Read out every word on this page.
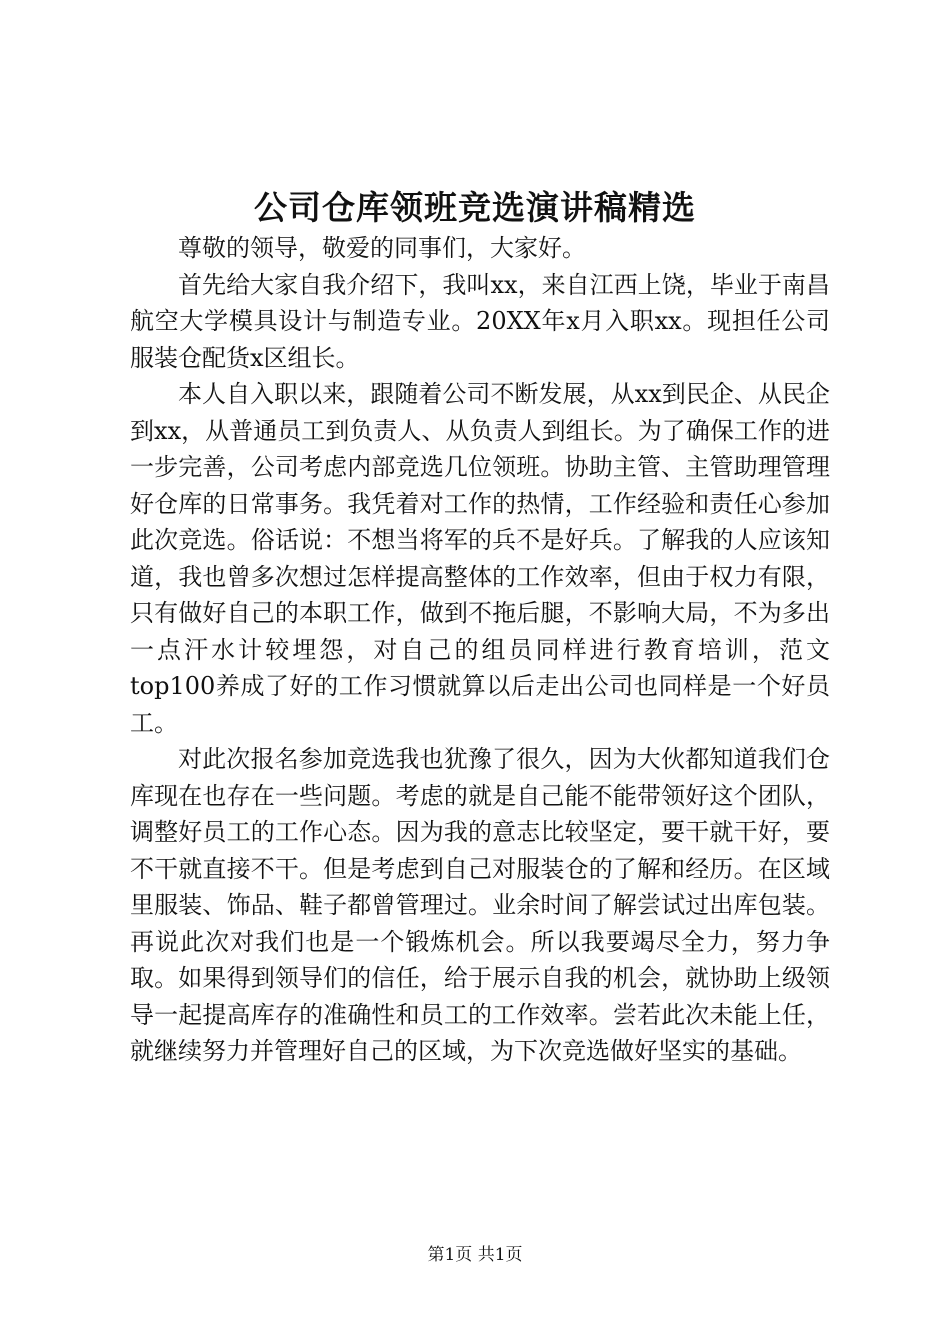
公司仓库领班竞选演讲稿精选

尊敬的领导，敬爱的同事们，大家好。

首先给大家自我介绍下，我叫xx，来自江西上饶，毕业于南昌航空大学模具设计与制造专业。20XX年x月入职xx。现担任公司服装仓配货x区组长。

本人自入职以来，跟随着公司不断发展，从xx到民企、从民企到xx，从普通员工到负责人、从负责人到组长。为了确保工作的进一步完善，公司考虑内部竞选几位领班。协助主管、主管助理管理好仓库的日常事务。我凭着对工作的热情，工作经验和责任心参加此次竞选。俗话说：不想当将军的兵不是好兵。了解我的人应该知道，我也曾多次想过怎样提高整体的工作效率，但由于权力有限，只有做好自己的本职工作，做到不拖后腿，不影响大局，不为多出一点汗水计较埋怨，对自己的组员同样进行教育培训，范文top100养成了好的工作习惯就算以后走出公司也同样是一个好员工。

对此次报名参加竞选我也犹豫了很久，因为大伙都知道我们仓库现在也存在一些问题。考虑的就是自己能不能带领好这个团队，调整好员工的工作心态。因为我的意志比较坚定，要干就干好，要不干就直接不干。但是考虑到自己对服装仓的了解和经历。在区域里服装、饰品、鞋子都曾管理过。业余时间了解尝试过出库包装。再说此次对我们也是一个锻炼机会。所以我要竭尽全力，努力争取。如果得到领导们的信任，给于展示自我的机会，就协助上级领导一起提高库存的准确性和员工的工作效率。尝若此次未能上任，就继续努力并管理好自己的区域，为下次竞选做好坚实的基础。

第1页 共1页
